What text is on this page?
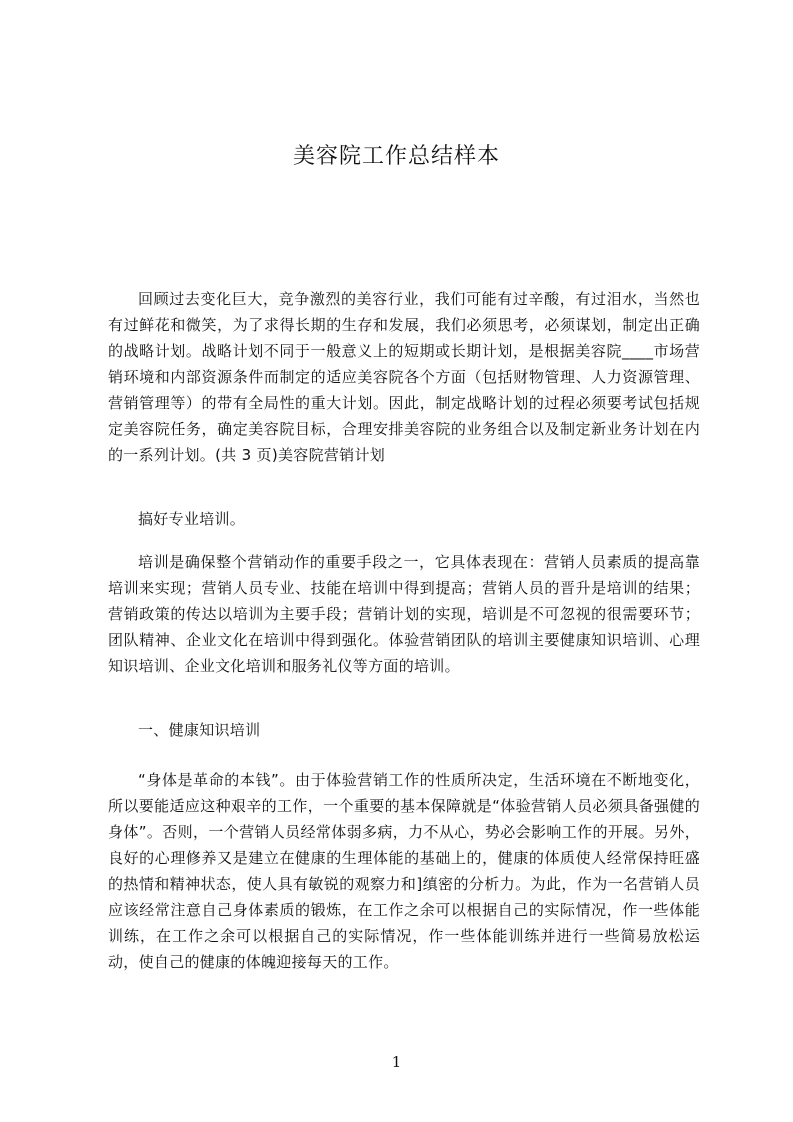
美容院工作总结样本

回顾过去变化巨大，竞争激烈的美容行业，我们可能有过辛酸，有过泪水，当然也有过鲜花和微笑，为了求得长期的生存和发展，我们必须思考，必须谋划，制定出正确的战略计划。战略计划不同于一般意义上的短期或长期计划，是根据美容院____市场营销环境和内部资源条件而制定的适应美容院各个方面（包括财物管理、人力资源管理、营销管理等）的带有全局性的重大计划。因此，制定战略计划的过程必须要考试包括规定美容院任务，确定美容院目标，合理安排美容院的业务组合以及制定新业务计划在内的一系列计划。(共 3 页)美容院营销计划

搞好专业培训。

培训是确保整个营销动作的重要手段之一，它具体表现在：营销人员素质的提高靠培训来实现；营销人员专业、技能在培训中得到提高；营销人员的晋升是培训的结果；营销政策的传达以培训为主要手段；营销计划的实现，培训是不可忽视的很需要环节；团队精神、企业文化在培训中得到强化。体验营销团队的培训主要健康知识培训、心理知识培训、企业文化培训和服务礼仪等方面的培训。

一、健康知识培训

“身体是革命的本钱”。由于体验营销工作的性质所决定，生活环境在不断地变化，所以要能适应这种艰辛的工作，一个重要的基本保障就是“体验营销人员必须具备强健的身体”。否则，一个营销人员经常体弱多病，力不从心，势必会影响工作的开展。另外，良好的心理修养又是建立在健康的生理体能的基础上的，健康的体质使人经常保持旺盛的热情和精神状态，使人具有敏锐的观察力和]缜密的分析力。为此，作为一名营销人员应该经常注意自己身体素质的锻炼，在工作之余可以根据自己的实际情况，作一些体能训练，在工作之余可以根据自己的实际情况，作一些体能训练并进行一些简易放松运动，使自己的健康的体魄迎接每天的工作。

1
